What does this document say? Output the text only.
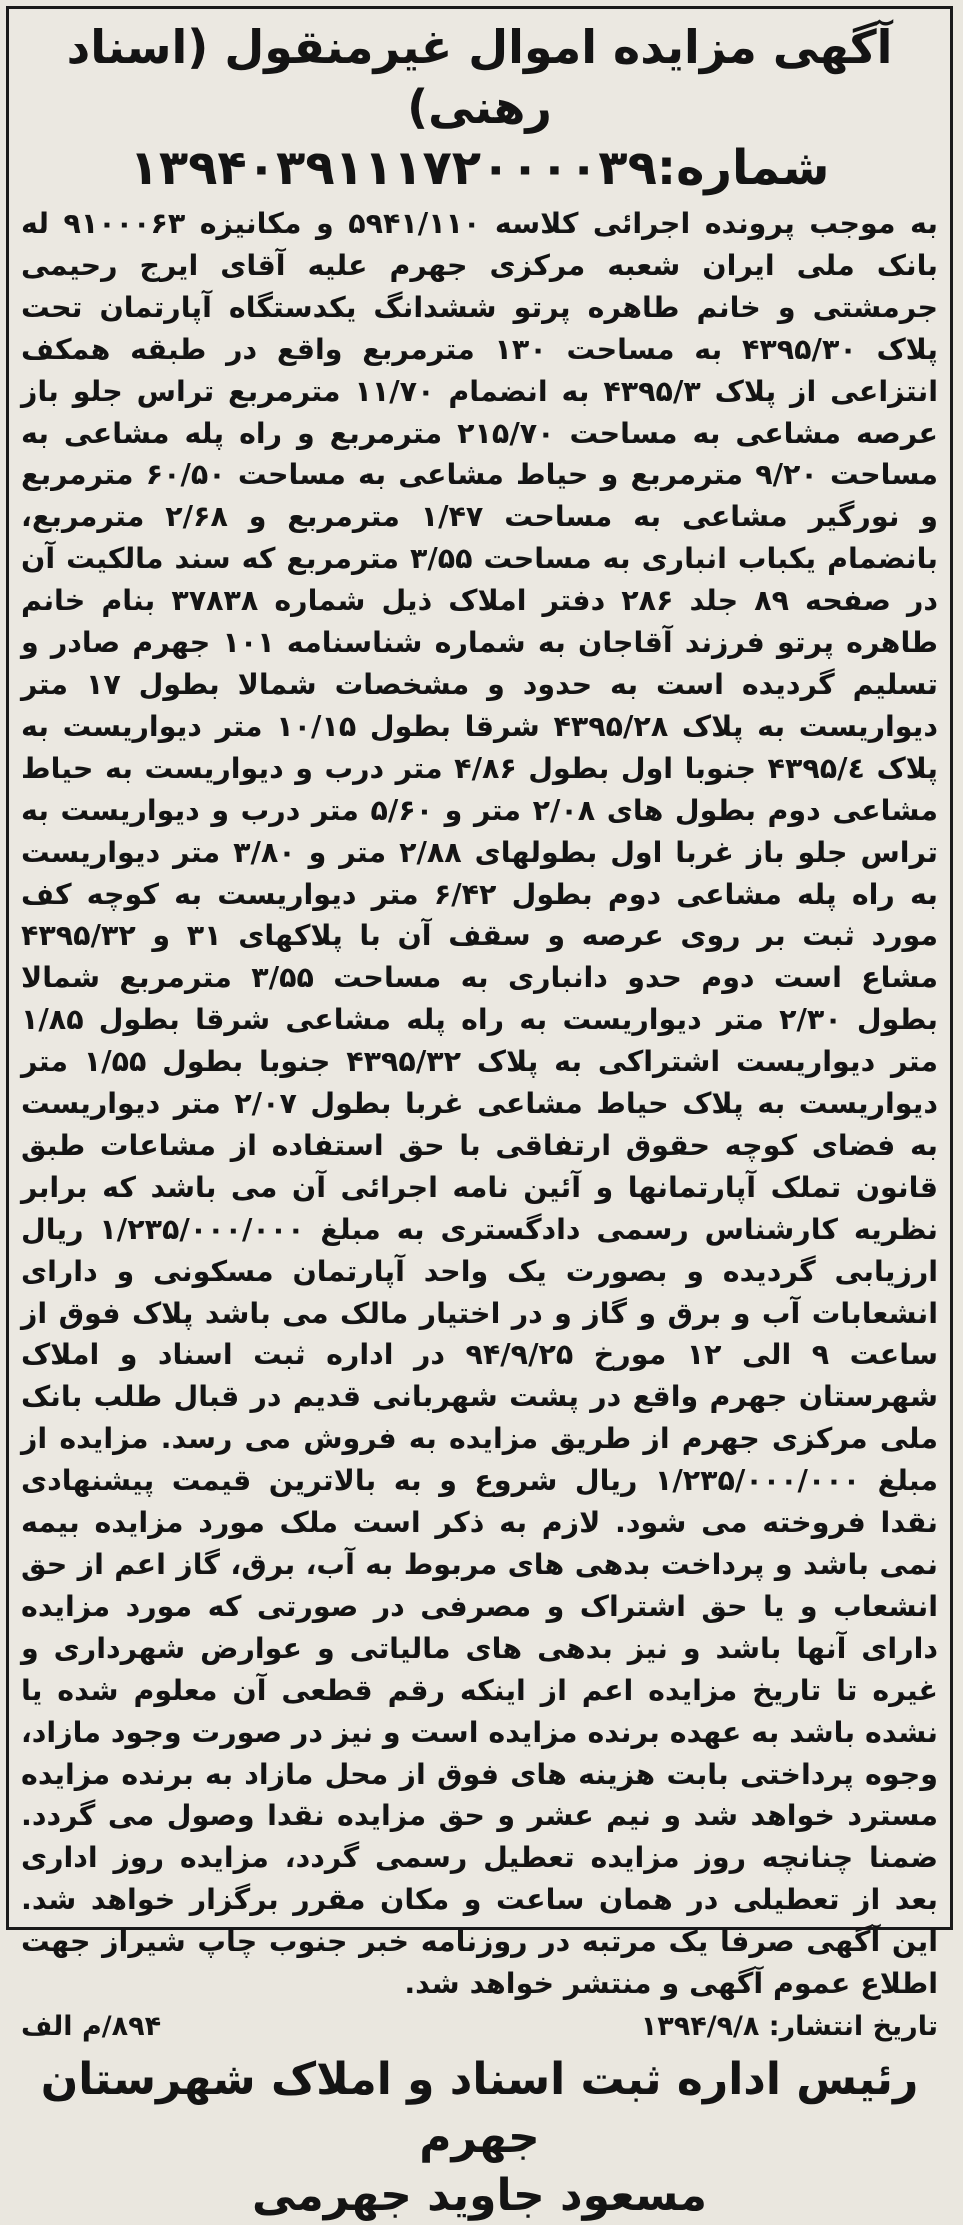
آگهی مزایده اموال غیرمنقول (اسناد رهنی)
شماره:۱۳۹۴۰۳۹۱۱۱۷۲۰۰۰۰۳۹

به موجب پرونده اجرائی کلاسه ۵۹۴۱/۱۱۰ و مکانیزه ۹۱۰۰۰۶۳ له بانک ملی ایران شعبه مرکزی جهرم علیه آقای ایرج رحیمی جرمشتی و خانم طاهره پرتو ششدانگ یکدستگاه آپارتمان تحت پلاک ۴۳۹۵/۳۰ به مساحت ۱۳۰ مترمربع واقع در طبقه همکف انتزاعی از پلاک ۴۳۹۵/۳ به انضمام ۱۱/۷۰ مترمربع تراس جلو باز عرصه مشاعی به مساحت ۲۱۵/۷۰ مترمربع و راه پله مشاعی به مساحت ۹/۲۰ مترمربع و حیاط مشاعی به مساحت ۶۰/۵۰ مترمربع و نورگیر مشاعی به مساحت ۱/۴۷ مترمربع و ۲/۶۸ مترمربع، بانضمام یکباب انباری به مساحت ۳/۵۵ مترمربع که سند مالکیت آن در صفحه ۸۹ جلد ۲۸۶ دفتر املاک ذیل شماره ۳۷۸۳۸ بنام خانم طاهره پرتو فرزند آقاجان به شماره شناسنامه ۱۰۱ جهرم صادر و تسلیم گردیده است به حدود و مشخصات شمالا بطول ۱۷ متر دیواریست به پلاک ۴۳۹۵/۲۸ شرقا بطول ۱۰/۱۵ متر دیواریست به پلاک ۴۳۹۵/٤ جنوبا اول بطول ۴/۸۶ متر درب و دیواریست به حیاط مشاعی دوم بطول های ۲/۰۸ متر و ۵/۶۰ متر درب و دیواریست به تراس جلو باز غربا اول بطولهای ۲/۸۸ متر و ۳/۸۰ متر دیواریست به راه پله مشاعی دوم بطول ۶/۴۲ متر دیواریست به کوچه کف مورد ثبت بر روی عرصه و سقف آن با پلاکهای ۳۱ و ۴۳۹۵/۳۲ مشاع است دوم حدو دانباری به مساحت ۳/۵۵ مترمربع شمالا بطول ۲/۳۰ متر دیواریست به راه پله مشاعی شرقا بطول ۱/۸۵ متر دیواریست اشتراکی به پلاک ۴۳۹۵/۳۲ جنوبا بطول ۱/۵۵ متر دیواریست به پلاک حیاط مشاعی غربا بطول ۲/۰۷ متر دیواریست به فضای کوچه حقوق ارتفاقی با حق استفاده از مشاعات طبق قانون تملک آپارتمانها و آئین نامه اجرائی آن می باشد که برابر نظریه کارشناس رسمی دادگستری به مبلغ ۱/۲۳۵/۰۰۰/۰۰۰ ریال ارزیابی گردیده و بصورت یک واحد آپارتمان مسکونی و دارای انشعابات آب و برق و گاز و در اختیار مالک می باشد پلاک فوق از ساعت ۹ الی ۱۲ مورخ ۹۴/۹/۲۵ در اداره ثبت اسناد و املاک شهرستان جهرم واقع در پشت شهربانی قدیم در قبال طلب بانک ملی مرکزی جهرم از طریق مزایده به فروش می رسد. مزایده از مبلغ ۱/۲۳۵/۰۰۰/۰۰۰ ریال شروع و به بالاترین قیمت پیشنهادی نقدا فروخته می شود. لازم به ذکر است ملک مورد مزایده بیمه نمی باشد و پرداخت بدهی های مربوط به آب، برق، گاز اعم از حق انشعاب و یا حق اشتراک و مصرفی در صورتی که مورد مزایده دارای آنها باشد و نیز بدهی های مالیاتی و عوارض شهرداری و غیره تا تاریخ مزایده اعم از اینکه رقم قطعی آن معلوم شده یا نشده باشد به عهده برنده مزایده است و نیز در صورت وجود مازاد، وجوه پرداختی بابت هزینه های فوق از محل مازاد به برنده مزایده مسترد خواهد شد و نیم عشر و حق مزایده نقدا وصول می گردد. ضمنا چنانچه روز مزایده تعطیل رسمی گردد، مزایده روز اداری بعد از تعطیلی در همان ساعت و مکان مقرر برگزار خواهد شد. این آگهی صرفا یک مرتبه در روزنامه خبر جنوب چاپ شیراز جهت اطلاع عموم آگهی و منتشر خواهد شد.

تاریخ انتشار: ۱۳۹۴/۹/۸
۸۹۴/م الف
رئیس اداره ثبت اسناد و املاک شهرستان جهرم
مسعود جاوید جهرمی
